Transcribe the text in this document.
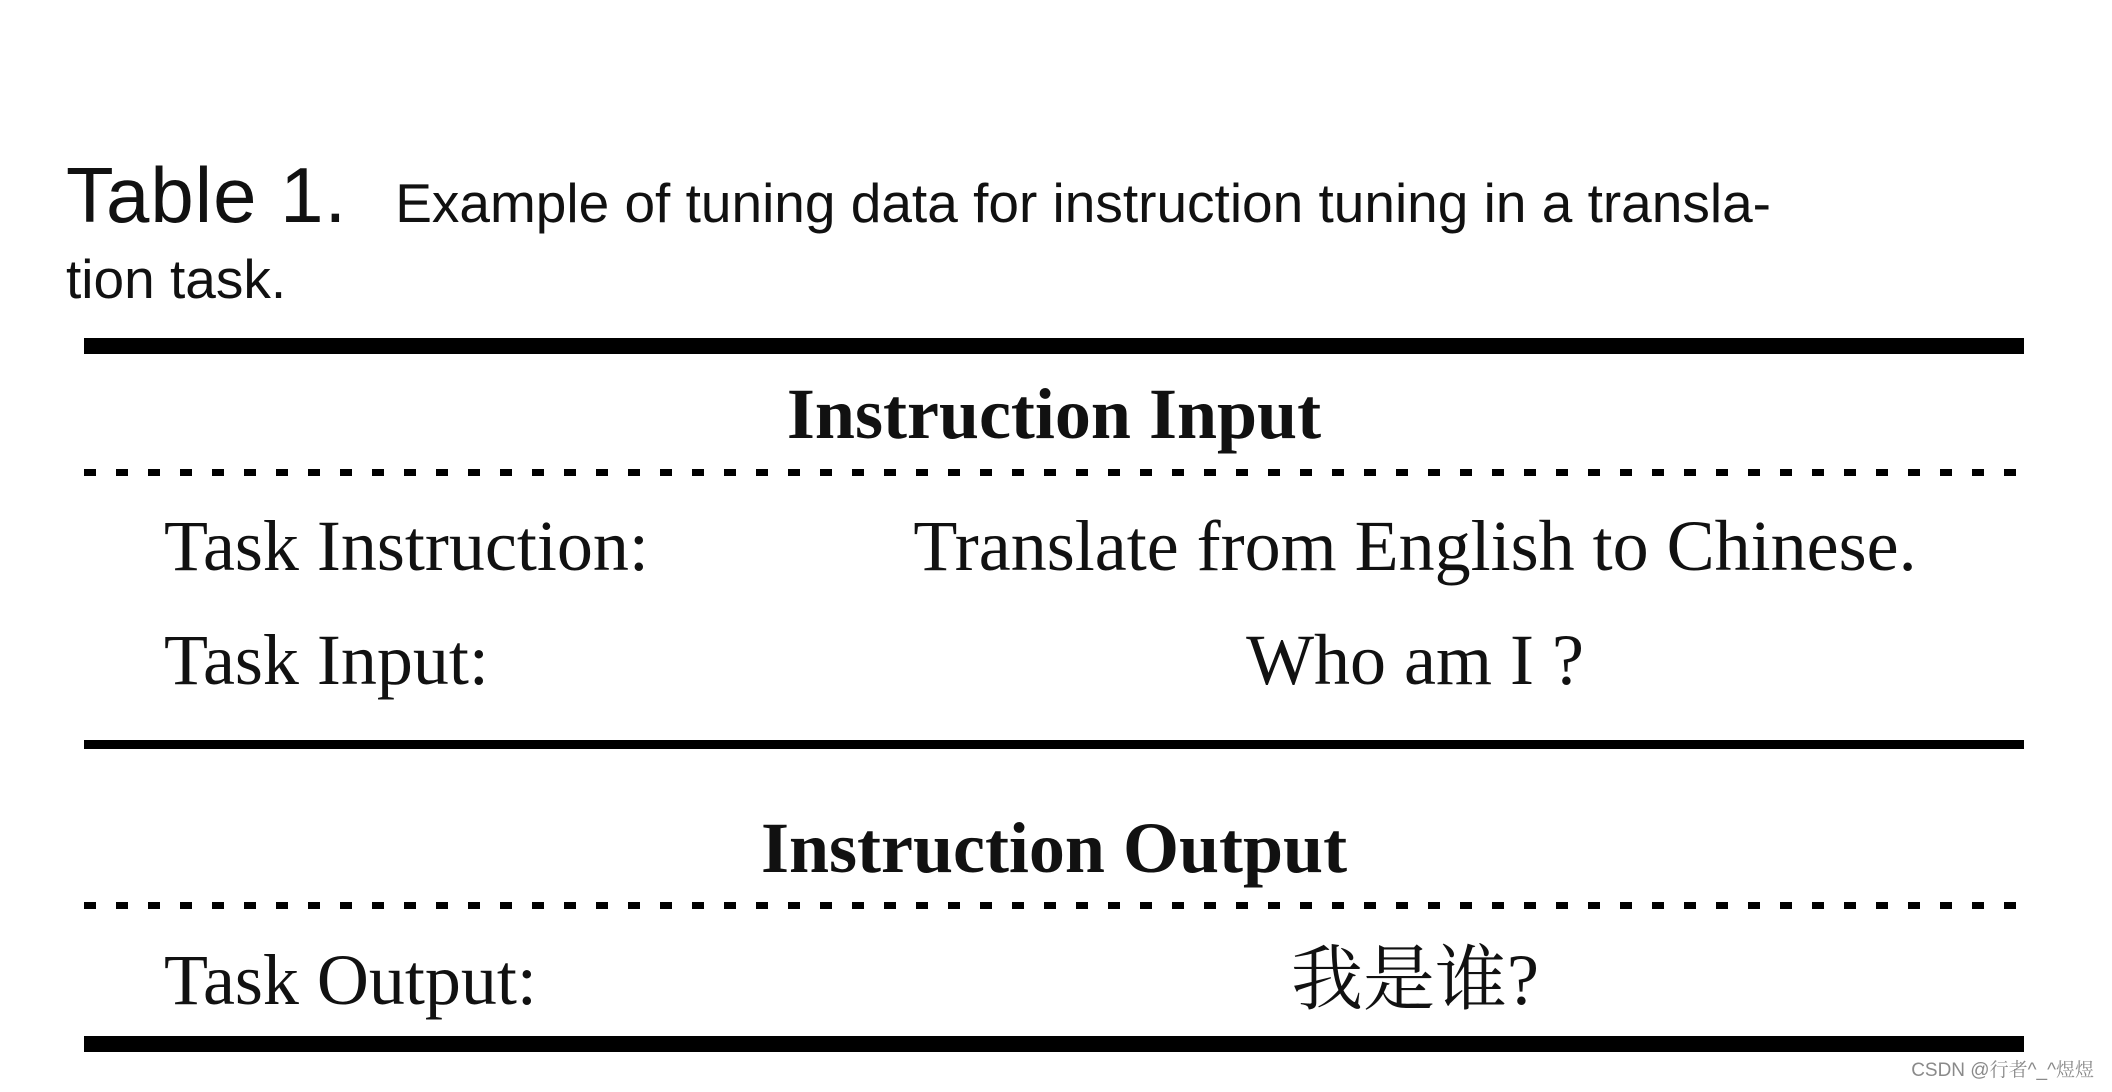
Table 1. Example of tuning data for instruction tuning in a transla-
tion task.
Instruction Input
Task Instruction:	Translate from English to Chinese.
Task Input:	Who am I ?
Instruction Output
Task Output:	我是谁?
CSDN @行者^_^煜煜
